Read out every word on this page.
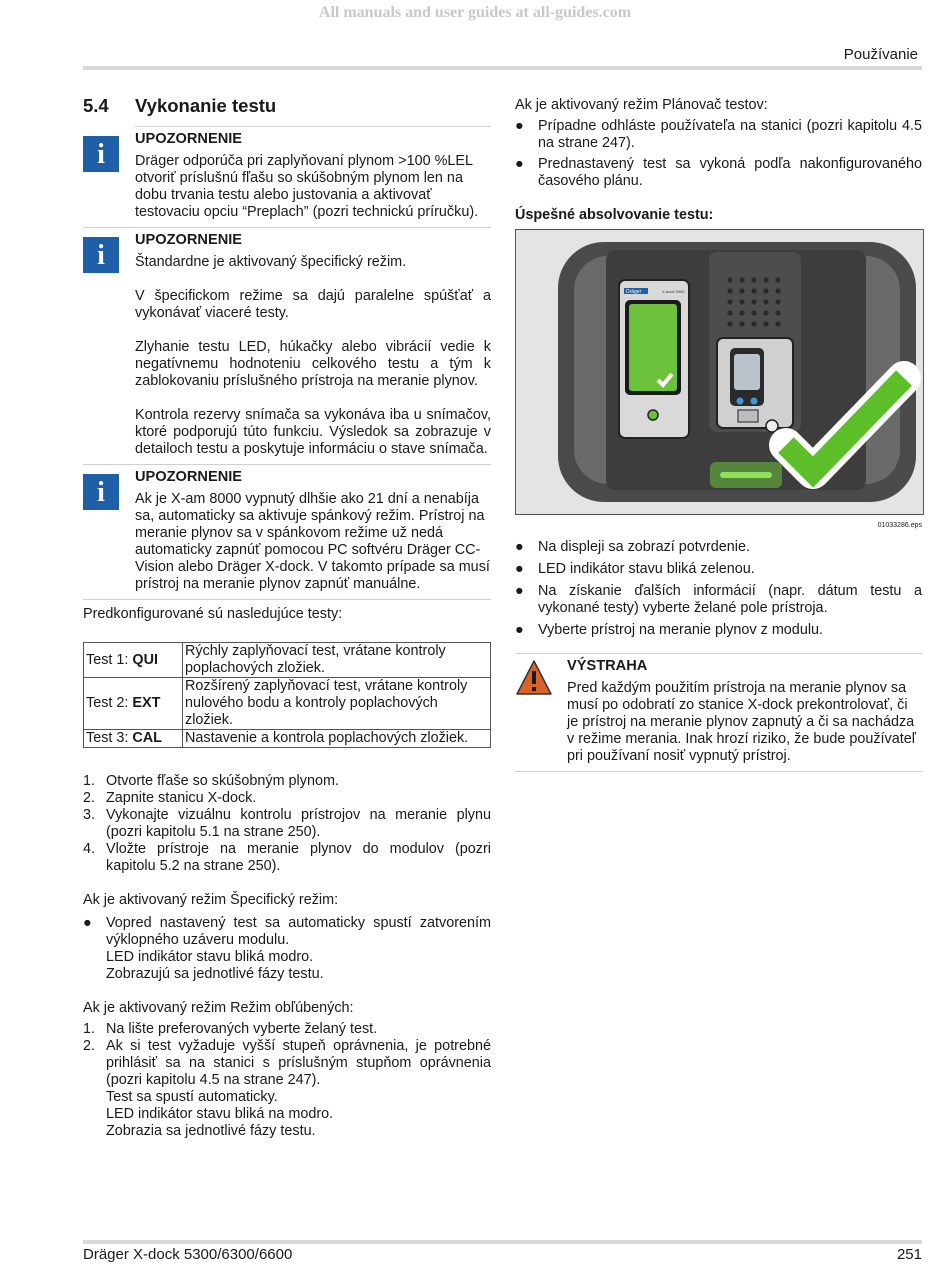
All manuals and user guides at all-guides.com
Používanie
5.4	Vykonanie testu
i	UPOZORNENIE

Dräger odporúča pri zaplyňovaní plynom >100 %LEL otvoriť príslušnú fľašu so skúšobným plynom len na dobu trvania testu alebo justovania a aktivovať testovaciu opciu “Preplach” (pozri technickú príručku).

i	UPOZORNENIE

Štandardne je aktivovaný špecifický režim.

V špecifickom režime sa dajú paralelne spúšťať a vykonávať viaceré testy.

Zlyhanie testu LED, húkačky alebo vibrácií vedie k negatívnemu hodnoteniu celkového testu a tým k zablokovaniu príslušného prístroja na meranie plynov.

Kontrola rezervy snímača sa vykonáva iba u snímačov, ktoré podporujú túto funkciu. Výsledok sa zobrazuje v detailoch testu a poskytuje informáciu o stave snímača.

i	UPOZORNENIE

Ak je X-am 8000 vypnutý dlhšie ako 21 dní a nenabíja sa, automaticky sa aktivuje spánkový režim. Prístroj na meranie plynov sa v spánkovom režime už nedá automaticky zapnúť pomocou PC softvéru Dräger CC-Vision alebo Dräger X-dock. V takomto prípade sa musí prístroj na meranie plynov zapnúť manuálne.

Predkonfigurované sú nasledujúce testy:

Test 1: QUI	Rýchly zaplyňovací test, vrátane kontroly poplachových zložiek.
Test 2: EXT	Rozšírený zaplyňovací test, vrátane kontroly nulového bodu a kontroly poplachových zložiek.
Test 3: CAL	Nastavenie a kontrola poplachových zložiek.
1. Otvorte fľaše so skúšobným plynom.
2. Zapnite stanicu X-dock.
3. Vykonajte vizuálnu kontrolu prístrojov na meranie plynu (pozri kapitolu 5.1 na strane 250).
4. Vložte prístroje na meranie plynov do modulov (pozri kapitolu 5.2 na strane 250).

Ak je aktivovaný režim Špecifický režim:

● Vopred nastavený test sa automaticky spustí zatvorením výklopného uzáveru modulu.
LED indikátor stavu bliká modro.
Zobrazujú sa jednotlivé fázy testu.

Ak je aktivovaný režim Režim obľúbených:

1. Na lište preferovaných vyberte želaný test.
2. Ak si test vyžaduje vyšší stupeň oprávnenia, je potrebné prihlásiť sa na stanici s príslušným stupňom oprávnenia (pozri kapitolu 4.5 na strane 247).
Test sa spustí automaticky.
LED indikátor stavu bliká na modro.
Zobrazia sa jednotlivé fázy testu.

Ak je aktivovaný režim Plánovač testov:

● Prípadne odhláste používateľa na stanici (pozri kapitolu 4.5 na strane 247).
● Prednastavený test sa vykoná podľa nakonfigurovaného časového plánu.

Úspešné absolvovanie testu:

Dräger	X-dock 5300
01033286.eps
● Na displeji sa zobrazí potvrdenie.
● LED indikátor stavu bliká zelenou.
● Na získanie ďalších informácií (napr. dátum testu a vykonané testy) vyberte želané pole prístroja.
● Vyberte prístroj na meranie plynov z modulu.
VÝSTRAHA

Pred každým použitím prístroja na meranie plynov sa musí po odobratí zo stanice X-dock prekontrolovať, či je prístroj na meranie plynov zapnutý a či sa nachádza v režime merania. Inak hrozí riziko, že bude používateľ pri používaní nosiť vypnutý prístroj.

Dräger X-dock 5300/6300/6600	251
